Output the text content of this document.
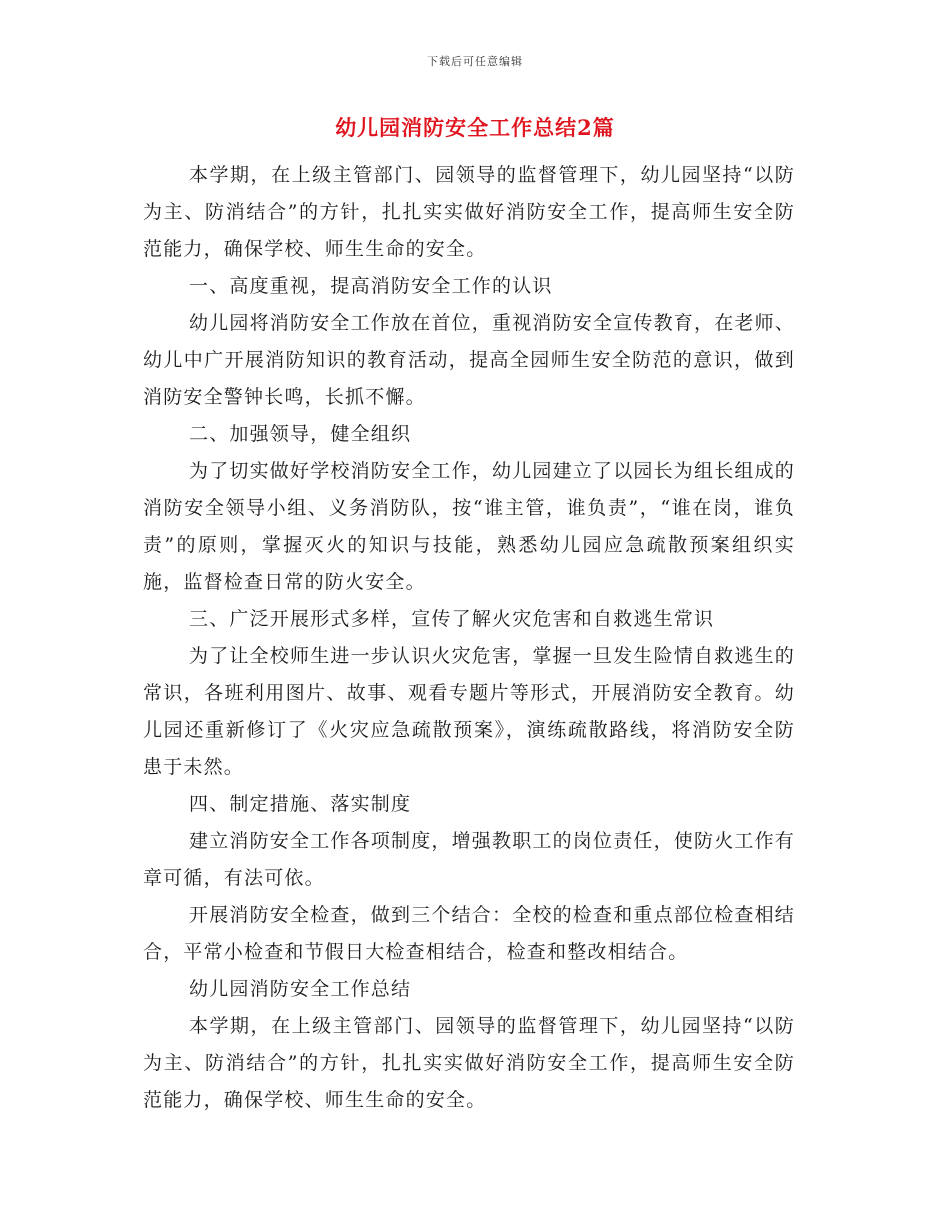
下载后可任意编辑
幼儿园消防安全工作总结2篇

本学期，在上级主管部门、园领导的监督管理下，幼儿园坚持“以防为主、防消结合”的方针，扎扎实实做好消防安全工作，提高师生安全防范能力，确保学校、师生生命的安全。

一、高度重视，提高消防安全工作的认识

幼儿园将消防安全工作放在首位，重视消防安全宣传教育，在老师、幼儿中广开展消防知识的教育活动，提高全园师生安全防范的意识，做到消防安全警钟长鸣，长抓不懈。

二、加强领导，健全组织

为了切实做好学校消防安全工作，幼儿园建立了以园长为组长组成的消防安全领导小组、义务消防队，按“谁主管，谁负责”，“谁在岗，谁负责”的原则，掌握灭火的知识与技能，熟悉幼儿园应急疏散预案组织实施，监督检查日常的防火安全。

三、广泛开展形式多样，宣传了解火灾危害和自救逃生常识

为了让全校师生进一步认识火灾危害，掌握一旦发生险情自救逃生的常识，各班利用图片、故事、观看专题片等形式，开展消防安全教育。幼儿园还重新修订了《火灾应急疏散预案》，演练疏散路线，将消防安全防患于未然。

四、制定措施、落实制度

建立消防安全工作各项制度，增强教职工的岗位责任，使防火工作有章可循，有法可依。

开展消防安全检查，做到三个结合：全校的检查和重点部位检查相结合，平常小检查和节假日大检查相结合，检查和整改相结合。

幼儿园消防安全工作总结

本学期，在上级主管部门、园领导的监督管理下，幼儿园坚持“以防为主、防消结合”的方针，扎扎实实做好消防安全工作，提高师生安全防范能力，确保学校、师生生命的安全。
